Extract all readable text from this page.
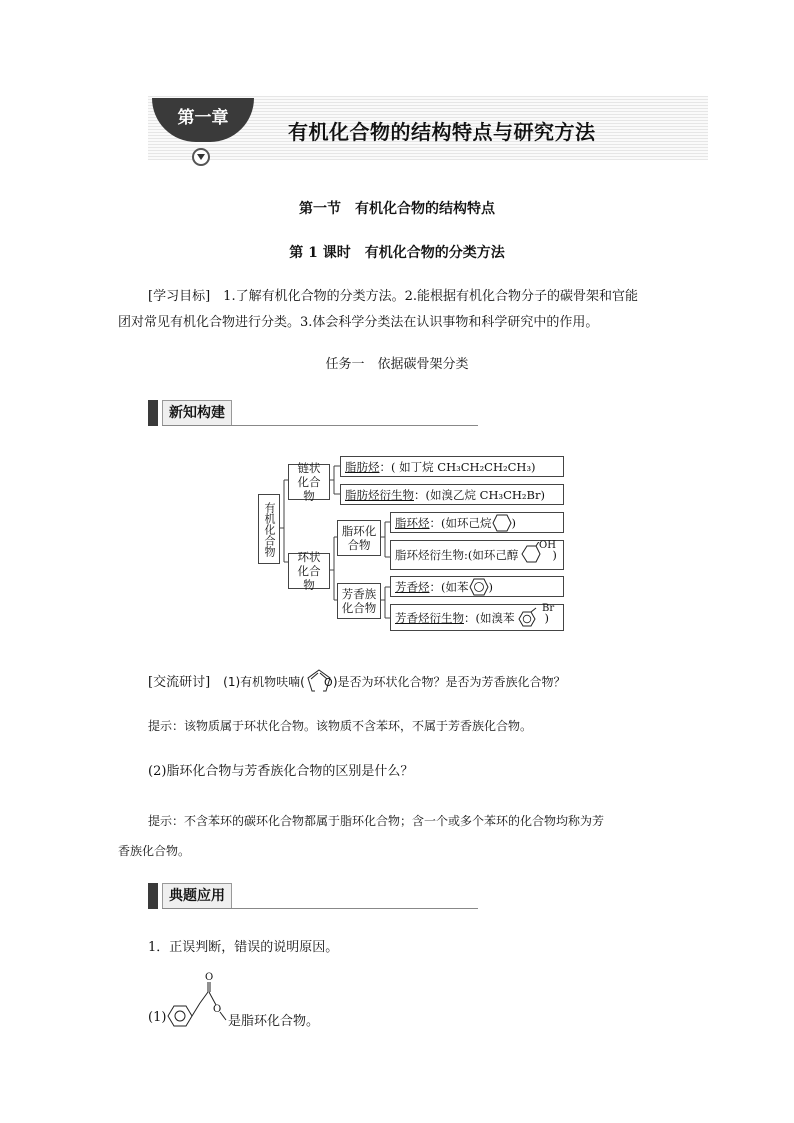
第一章
有机化合物的结构特点与研究方法
第一节　有机化合物的结构特点
第 1 课时　有机化合物的分类方法
[学习目标]　 1.了解有机化合物的分类方法。2.能根据有机化合物分子的碳骨架和官能
团对常见有机化合物进行分类。3.体会科学分类法在认识事物和科学研究中的作用。
任务一　依据碳骨架分类
新知构建
有机化合物
链状化合物
环状化合物
脂环化合物
芳香族化合物
脂肪烃 ：( 如丁烷 CH₃CH₂CH₂CH₃)
脂肪烃衍生物 ：(如溴乙烷 CH₃CH₂Br)
脂环烃 ：(如环己烷 )
脂环烃衍生物:(如环己醇
OH
)
芳香烃 ：(如苯 )
芳香烃衍生物 ：(如溴苯
Br
)
[交流研讨]　 (1)有机物呋喃( O )是否为环状化合物？是否为芳香族化合物？
提示：该物质属于环状化合物。该物质不含苯环，不属于芳香族化合物。
(2)脂环化合物与芳香族化合物的区别是什么？
提示：不含苯环的碳环化合物都属于脂环化合物；含一个或多个苯环的化合物均称为芳
香族化合物。
典题应用
1．正误判断，错误的说明原因。
(1)
O
O
是脂环化合物。
